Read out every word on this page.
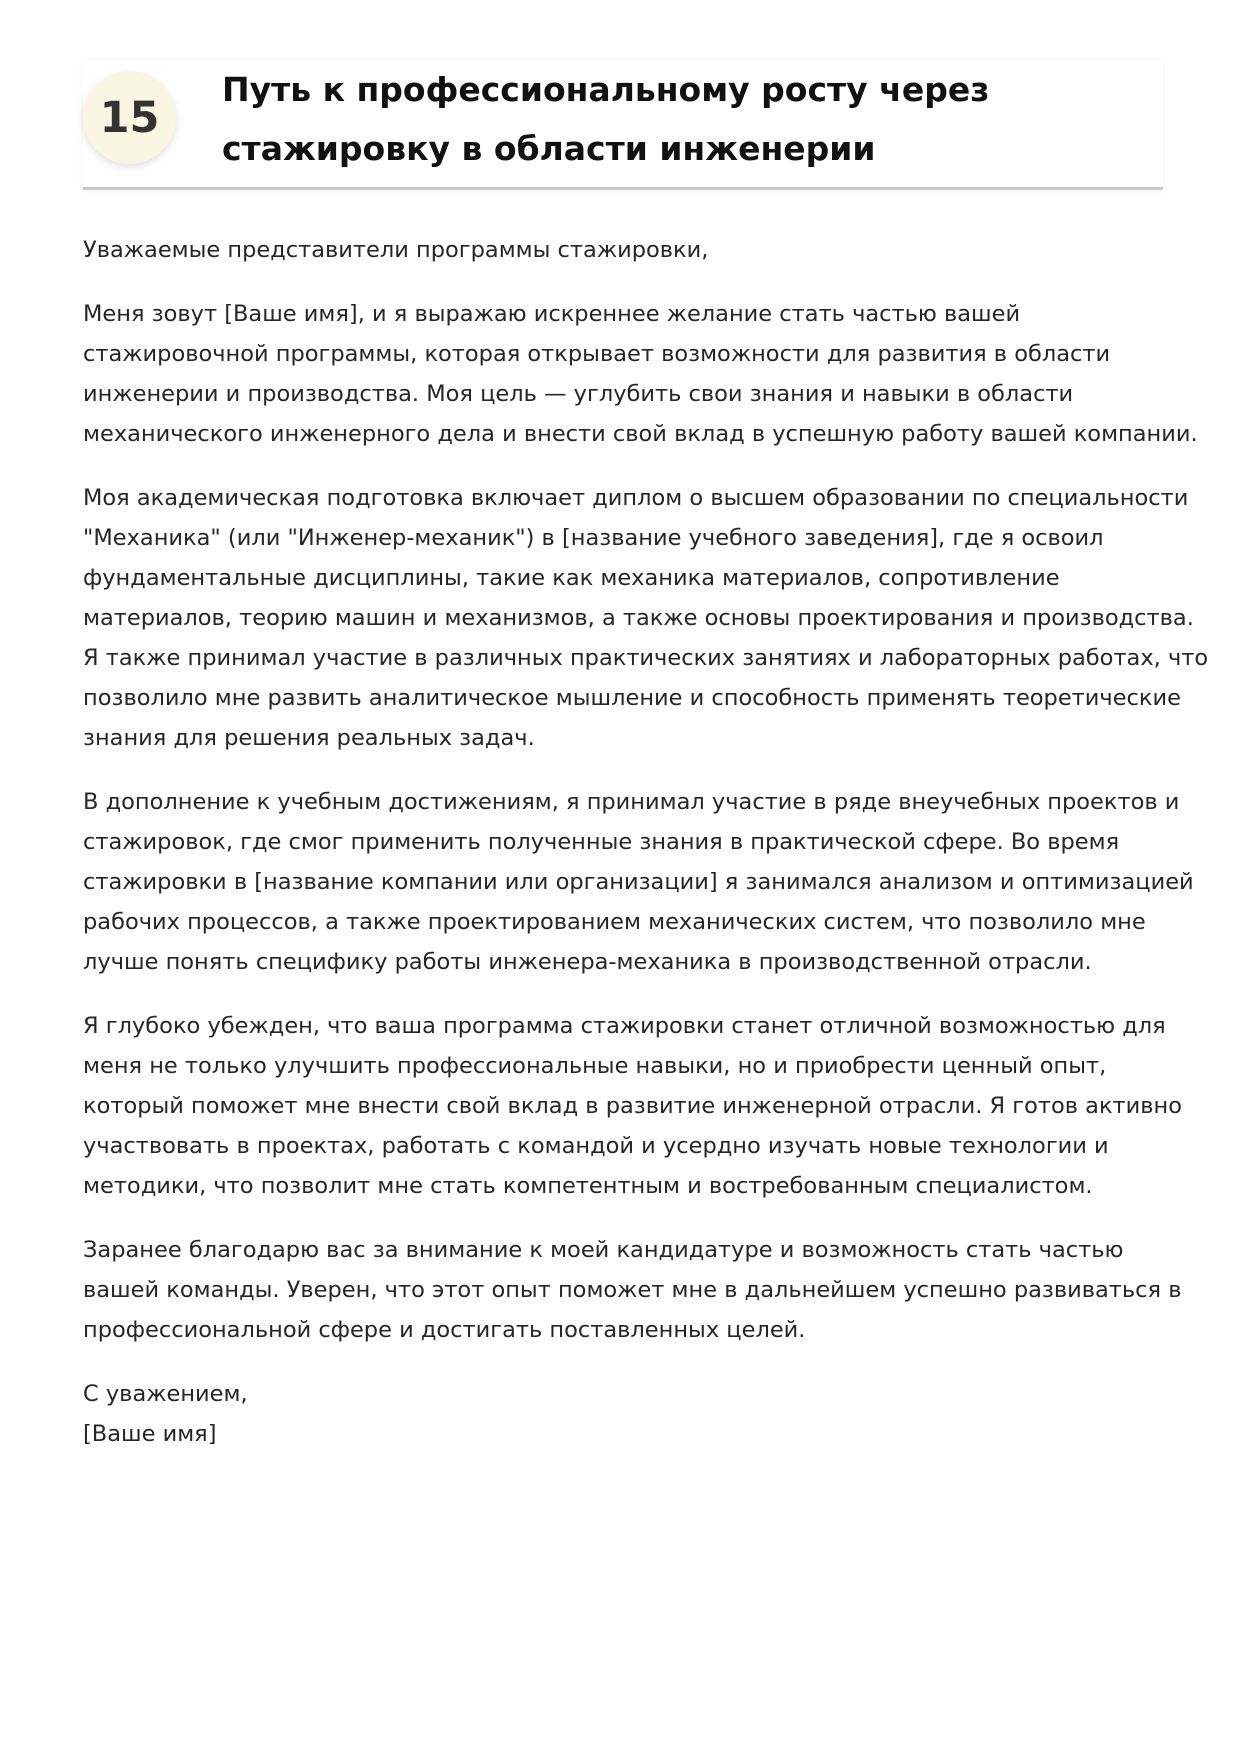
15
Путь к профессиональному росту через
стажировку в области инженерии

Уважаемые представители программы стажировки,

Меня зовут [Ваше имя], и я выражаю искреннее желание стать частью вашей
стажировочной программы, которая открывает возможности для развития в области
инженерии и производства. Моя цель — углубить свои знания и навыки в области
механического инженерного дела и внести свой вклад в успешную работу вашей компании.

Моя академическая подготовка включает диплом о высшем образовании по специальности
"Механика" (или "Инженер-механик") в [название учебного заведения], где я освоил
фундаментальные дисциплины, такие как механика материалов, сопротивление
материалов, теорию машин и механизмов, а также основы проектирования и производства.
Я также принимал участие в различных практических занятиях и лабораторных работах, что
позволило мне развить аналитическое мышление и способность применять теоретические
знания для решения реальных задач.

В дополнение к учебным достижениям, я принимал участие в ряде внеучебных проектов и
стажировок, где смог применить полученные знания в практической сфере. Во время
стажировки в [название компании или организации] я занимался анализом и оптимизацией
рабочих процессов, а также проектированием механических систем, что позволило мне
лучше понять специфику работы инженера-механика в производственной отрасли.

Я глубоко убежден, что ваша программа стажировки станет отличной возможностью для
меня не только улучшить профессиональные навыки, но и приобрести ценный опыт,
который поможет мне внести свой вклад в развитие инженерной отрасли. Я готов активно
участвовать в проектах, работать с командой и усердно изучать новые технологии и
методики, что позволит мне стать компетентным и востребованным специалистом.

Заранее благодарю вас за внимание к моей кандидатуре и возможность стать частью
вашей команды. Уверен, что этот опыт поможет мне в дальнейшем успешно развиваться в
профессиональной сфере и достигать поставленных целей.

С уважением,
[Ваше имя]
